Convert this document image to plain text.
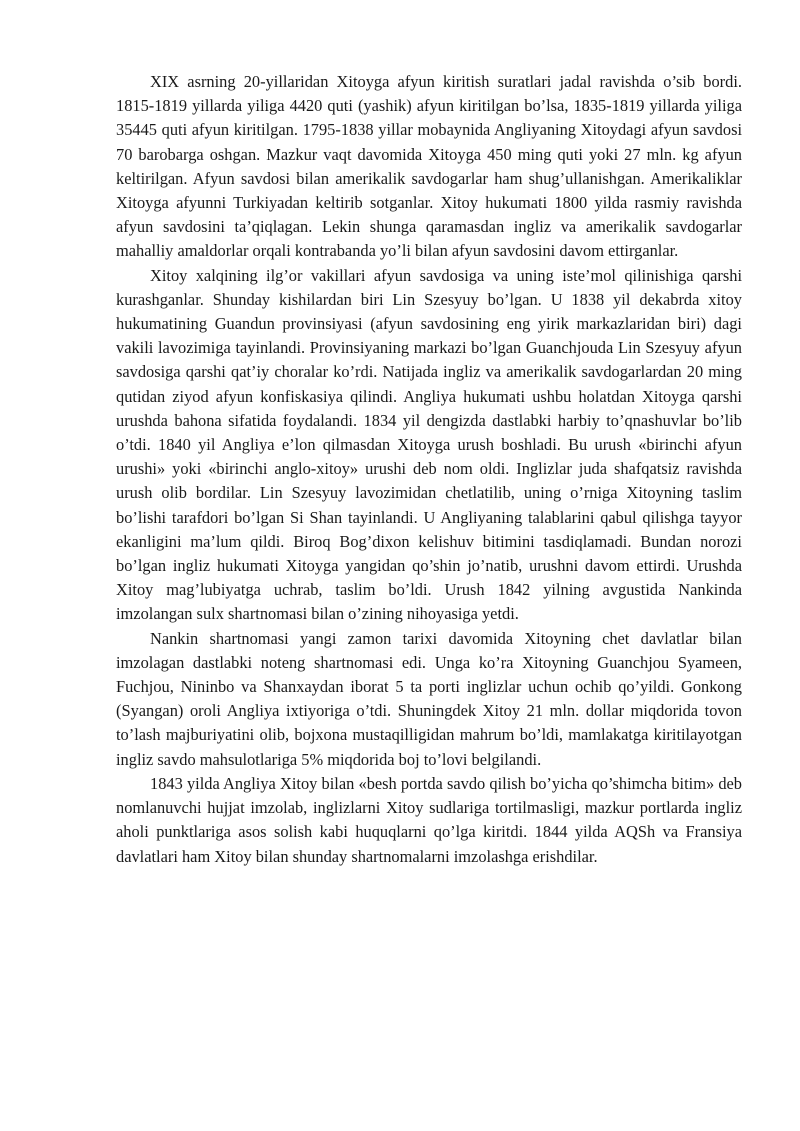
XIX asrning 20-yillaridan Xitoyga afyun kiritish suratlari jadal ravishda o’sib bordi. 1815-1819 yillarda yiliga 4420 quti (yashik) afyun kiritilgan bo’lsa, 1835-1819 yillarda yiliga 35445 quti afyun kiritilgan. 1795-1838 yillar mobaynida Angliyaning Xitoydagi afyun savdosi 70 barobarga oshgan. Mazkur vaqt davomida Xitoyga 450 ming quti yoki 27 mln. kg afyun keltirilgan. Afyun savdosi bilan amerikalik savdogarlar ham shug’ullanishgan. Amerikaliklar Xitoyga afyunni Turkiyadan keltirib sotganlar. Xitoy hukumati 1800 yilda rasmiy ravishda afyun savdosini ta’qiqlagan. Lekin shunga qaramasdan ingliz va amerikalik savdogarlar mahalliy amaldorlar orqali kontrabanda yo’li bilan afyun savdosini davom ettirganlar.

Xitoy xalqining ilg’or vakillari afyun savdosiga va uning iste’mol qilinishiga qarshi kurashganlar. Shunday kishilardan biri Lin Szesyuy bo’lgan. U 1838 yil dekabrda xitoy hukumatining Guandun provinsiyasi (afyun savdosining eng yirik markazlaridan biri) dagi vakili lavozimiga tayinlandi. Provinsiyaning markazi bo’lgan Guanchjouda Lin Szesyuy afyun savdosiga qarshi qat’iy choralar ko’rdi. Natijada ingliz va amerikalik savdogarlardan 20 ming qutidan ziyod afyun konfiskasiya qilindi. Angliya hukumati ushbu holatdan Xitoyga qarshi urushda bahona sifatida foydalandi. 1834 yil dengizda dastlabki harbiy to’qnashuvlar bo’lib o’tdi. 1840 yil Angliya e’lon qilmasdan Xitoyga urush boshladi. Bu urush «birinchi afyun urushi» yoki «birinchi anglo-xitoy» urushi deb nom oldi. Inglizlar juda shafqatsiz ravishda urush olib bordilar. Lin Szesyuy lavozimidan chetlatilib, uning o’rniga Xitoyning taslim bo’lishi tarafdori bo’lgan Si Shan tayinlandi. U Angliyaning talablarini qabul qilishga tayyor ekanligini ma’lum qildi. Biroq Bog’dixon kelishuv bitimini tasdiqlamadi. Bundan norozi bo’lgan ingliz hukumati Xitoyga yangidan qo’shin jo’natib, urushni davom ettirdi. Urushda Xitoy mag’lubiyatga uchrab, taslim bo’ldi. Urush 1842 yilning avgustida Nankinda imzolangan sulx shartnomasi bilan o’zining nihoyasiga yetdi.

Nankin shartnomasi yangi zamon tarixi davomida Xitoyning chet davlatlar bilan imzolagan dastlabki noteng shartnomasi edi. Unga ko’ra Xitoyning Guanchjou Syameen, Fuchjou, Nininbo va Shanxaydan iborat 5 ta porti inglizlar uchun ochib qo’yildi. Gonkong (Syangan) oroli Angliya ixtiyoriga o’tdi. Shuningdek Xitoy 21 mln. dollar miqdorida tovon to’lash majburiyatini olib, bojxona mustaqilligidan mahrum bo’ldi, mamlakatga kiritilayotgan ingliz savdo mahsulotlariga 5% miqdorida boj to’lovi belgilandi.

1843 yilda Angliya Xitoy bilan «besh portda savdo qilish bo’yicha qo’shimcha bitim» deb nomlanuvchi hujjat imzolab, inglizlarni Xitoy sudlariga tortilmasligi, mazkur portlarda ingliz aholi punktlariga asos solish kabi huquqlarni qo’lga kiritdi. 1844 yilda AQSh va Fransiya davlatlari ham Xitoy bilan shunday shartnomalarni imzolashga erishdilar.
